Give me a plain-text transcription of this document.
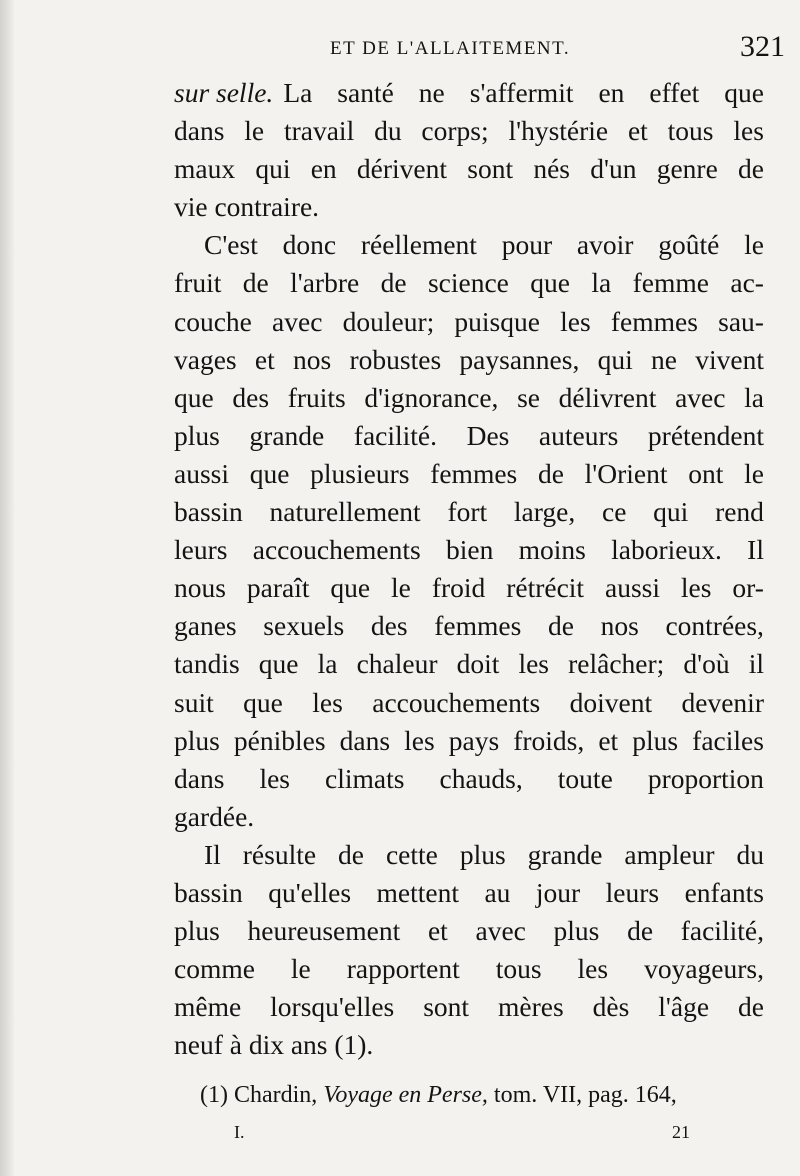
ET DE L'ALLAITEMENT.	321
sur selle. La santé ne s'affermit en effet que
dans le travail du corps; l'hystérie et tous les
maux qui en dérivent sont nés d'un genre de
vie contraire.
C'est donc réellement pour avoir goûté le
fruit de l'arbre de science que la femme ac-
couche avec douleur; puisque les femmes sau-
vages et nos robustes paysannes, qui ne vivent
que des fruits d'ignorance, se délivrent avec la
plus grande facilité. Des auteurs prétendent
aussi que plusieurs femmes de l'Orient ont le
bassin naturellement fort large, ce qui rend
leurs accouchements bien moins laborieux. Il
nous paraît que le froid rétrécit aussi les or-
ganes sexuels des femmes de nos contrées,
tandis que la chaleur doit les relâcher; d'où il
suit que les accouchements doivent devenir
plus pénibles dans les pays froids, et plus faciles
dans les climats chauds, toute proportion
gardée.
Il résulte de cette plus grande ampleur du
bassin qu'elles mettent au jour leurs enfants
plus heureusement et avec plus de facilité,
comme le rapportent tous les voyageurs,
même lorsqu'elles sont mères dès l'âge de
neuf à dix ans (1).
(1) Chardin, Voyage en Perse, tom. VII, pag. 164,
I.	21
